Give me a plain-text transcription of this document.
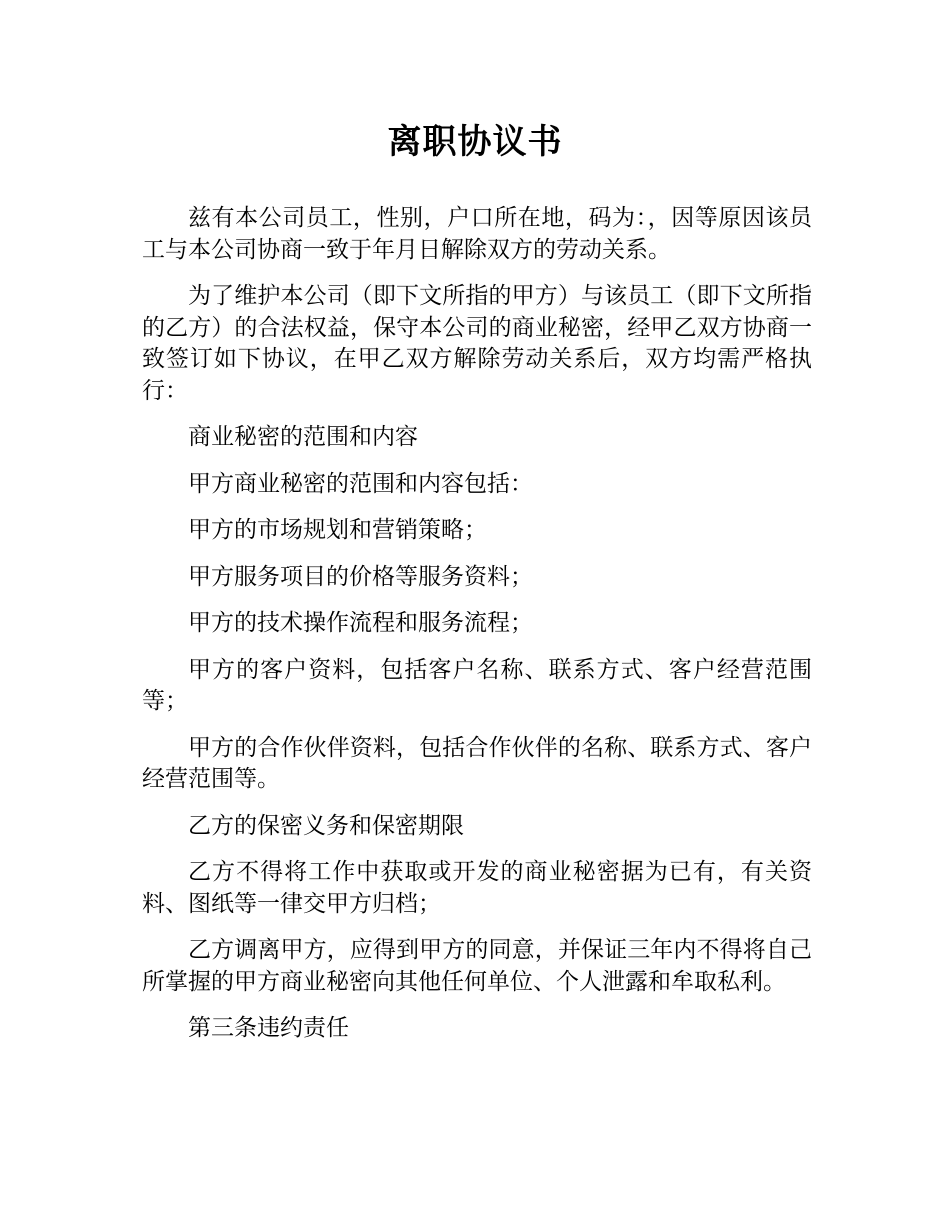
离职协议书

兹有本公司员工，性别，户口所在地，码为：，因等原因该员工与本公司协商一致于年月日解除双方的劳动关系。

为了维护本公司（即下文所指的甲方）与该员工（即下文所指的乙方）的合法权益，保守本公司的商业秘密，经甲乙双方协商一致签订如下协议，在甲乙双方解除劳动关系后，双方均需严格执行：

商业秘密的范围和内容

甲方商业秘密的范围和内容包括：

甲方的市场规划和营销策略；

甲方服务项目的价格等服务资料；

甲方的技术操作流程和服务流程；

甲方的客户资料，包括客户名称、联系方式、客户经营范围等；

甲方的合作伙伴资料，包括合作伙伴的名称、联系方式、客户经营范围等。

乙方的保密义务和保密期限

乙方不得将工作中获取或开发的商业秘密据为已有，有关资料、图纸等一律交甲方归档；

乙方调离甲方，应得到甲方的同意，并保证三年内不得将自己所掌握的甲方商业秘密向其他任何单位、个人泄露和牟取私利。

第三条违约责任
